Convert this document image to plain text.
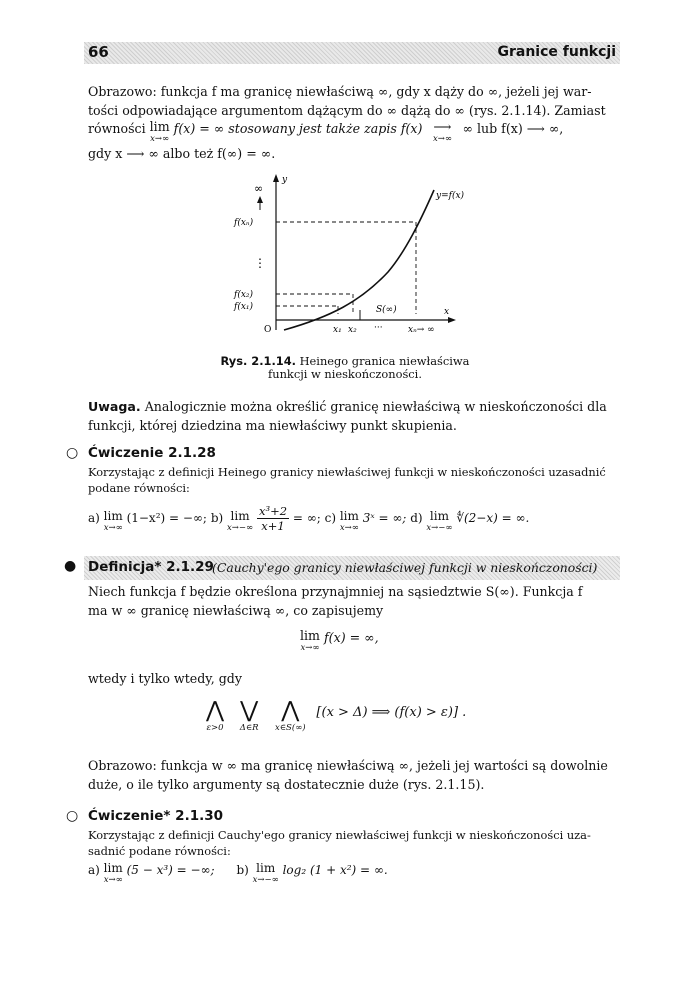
66	Granice funkcji
Obrazowo: funkcja f ma granicę niewłaściwą ∞, gdy x dąży do ∞, jeżeli jej war-
tości odpowiadające argumentom dążącym do ∞ dążą do ∞ (rys. 2.1.14). Zamiast
równości lim
x→∞
f(x) = ∞ stosowany jest także zapis f(x) ⟶
x→∞
∞ lub f(x) ⟶ ∞,
gdy x ⟶ ∞ albo też f(∞) = ∞.
y
∞
y=f(x)
f(xₙ)
⋮
f(x₂)
f(x₁)
O
x
x₁ x₂ ···	xₙ→ ∞
S(∞)
Rys. 2.1.14. Heinego granica niewłaściwa
funkcji w nieskończoności.
Uwaga. Analogicznie można określić granicę niewłaściwą w nieskończoności dla
funkcji, której dziedzina ma niewłaściwy punkt skupienia.
○ Ćwiczenie 2.1.28
Korzystając z definicji Heinego granicy niewłaściwej funkcji w nieskończoności uzasadnić
podane równości:
a) lim
x→∞
(1−x²) = −∞; b) lim
x→−∞
$\frac{\text{x³+2}}{x+1}$ = ∞; c) lim
x→∞
3ˣ = ∞; d) lim
x→−∞
∜(2−x) = ∞.
● Definicja* 2.1.29
(Cauchy'ego granicy niewłaściwej funkcji w nieskończoności)
Niech funkcja f będzie określona przynajmniej na sąsiedztwie S(∞). Funkcja f
ma w ∞ granicę niewłaściwą ∞, co zapisujemy
lim
x→∞
f(x) = ∞,
wtedy i tylko wtedy, gdy
⋀
ε>0
⋁
Δ∈R
⋀
x∈S(∞)
[(x > Δ) ⟹ (f(x) > ε)] .
Obrazowo: funkcja w ∞ ma granicę niewłaściwą ∞, jeżeli jej wartości są dowolnie
duże, o ile tylko argumenty są dostatecznie duże (rys. 2.1.15).
○ Ćwiczenie* 2.1.30
Korzystając z definicji Cauchy'ego granicy niewłaściwej funkcji w nieskończoności uza-
sadnić podane równości:
a) lim
x→∞
(5 − x³) = −∞; b) lim
x→−∞
log₂ (1 + x²) = ∞.
